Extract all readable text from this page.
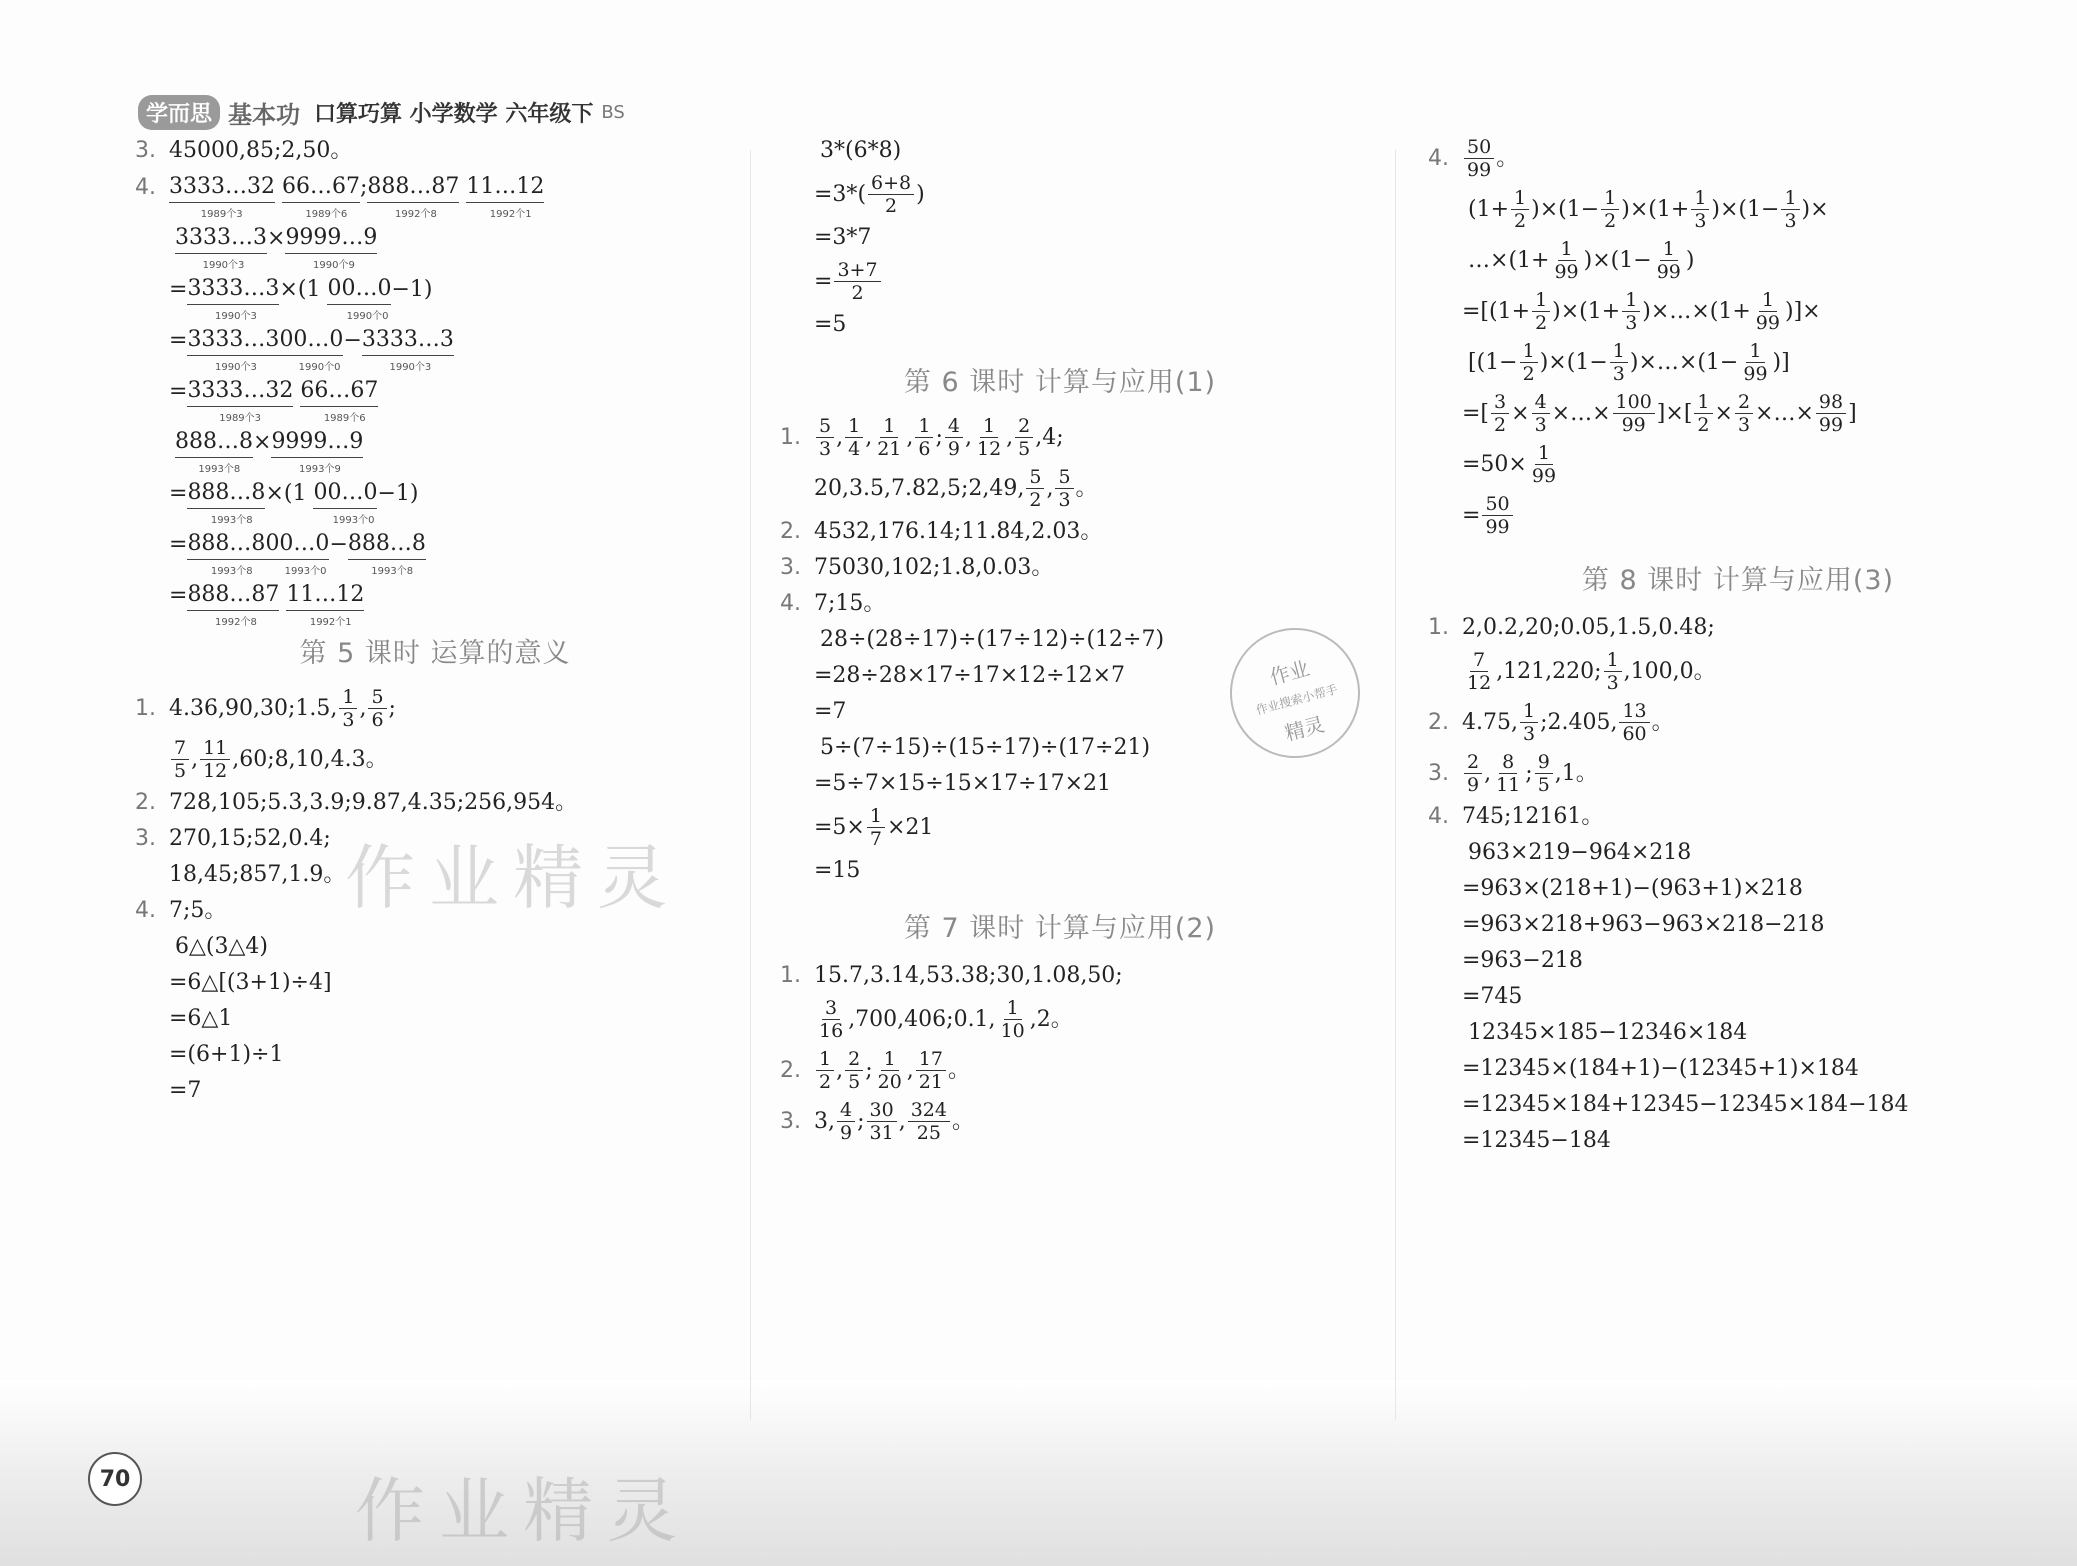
学而思 基本功 口算巧算 小学数学 六年级下 BS
3. 45000,85;2,50。
4. 3333…32
1989个3

66…67
1989个6
; 888…87
1992个8

11…12
1992个1
3333…3
1990个3
× 9999…9
1990个9
= 3333…3
1990个3
×(1
00…0
1990个0
−1)
= 3333…3
1990个3
00…0
1990个0
− 3333…3
1990个3
= 3333…32
1989个3

66…67
1989个6
888…8
1993个8
× 9999…9
1993个9
= 888…8
1993个8
×(1
00…0
1993个0
−1)
= 888…8
1993个8
00…0
1993个0
− 888…8
1993个8
= 888…87
1992个8

11…12
1992个1
第 5 课时 运算的意义
1. 4.36,90,30;1.5, $\frac{1}{3}$ , $\frac{5}{6}$ ;
$\frac{7}{5}$ , $\frac{11}{12}$ ,60;8,10,4.3。
2. 728,105;5.3,3.9;9.87,4.35;256,954。
3. 270,15;52,0.4;
18,45;857,1.9。
4. 7;5。
6△(3△4)
=6△[(3+1)÷4]
=6△1
=(6+1)÷1
=7
3*(6*8)
=3* ( $\frac{6+8}{2}$ )
=3*7
= $\frac{3+7}{2}$
=5
第 6 课时 计算与应用(1)
1. $\frac{5}{3}$ , $\frac{1}{4}$ , $\frac{1}{21}$ , $\frac{1}{6}$ ; $\frac{4}{9}$ , $\frac{1}{12}$ , $\frac{2}{5} ,4$;
20,3.5,7.82,5;2,49, $\frac{5}{2}$ , $\frac{5}{3}$ 。
2. 4532,176.14;11.84,2.03。
3. 75030,102;1.8,0.03。
4. 7;15。
28÷(28÷17)÷(17÷12)÷(12÷7)
=28÷28×17÷17×12÷12×7
=7
5÷(7÷15)÷(15÷17)÷(17÷21)
=5÷7×15÷15×17÷17×21
$=5\times \frac{1}{7} \times 21$
=15
第 7 课时 计算与应用(2)
1. 15.7,3.14,53.38;30,1.08,50;
$\frac{3}{16}$ ,700,406;0.1, $\frac{1}{10} ,2$。
2. $\frac{1}{2}$ , $\frac{2}{5}$ ; $\frac{1}{20}$ , $\frac{17}{21}$ 。
3. 3, $\frac{4}{9}$ ; $\frac{30}{31}$ , $\frac{324}{25}$ 。
4. $\frac{50}{99}$ 。
( $1+ \frac{1}{2}$ )×( $1- \frac{1}{2}$ )×( $1+ \frac{1}{3}$ )×( $1- \frac{1}{3}$ ) ×
…× ( $1+ \frac{1}{99}$ )×( $1- \frac{1}{99}$ )
=[ ( $1+ \frac{1}{2}$ )×( $1+ \frac{1}{3}$ )× …× ( $1+ \frac{1}{99}$ ) ]×
[ ( $1- \frac{1}{2}$ )×( $1- \frac{1}{3}$ )× …× ( $1- \frac{1}{99}$ ) ]
=[ $\frac{3}{2} \times \frac{4}{3}$ ×…× $\frac{100}{99}$ ]×[ $\frac{1}{2} \times \frac{2}{3}$ ×…× $\frac{98}{99}$ ]
$=50\times \frac{1}{99}$
= $\frac{50}{99}$
第 8 课时 计算与应用(3)
1. 2,0.2,20;0.05,1.5,0.48;
$\frac{7}{12} ,121,220$; $\frac{1}{3} ,100,0$。
2. 4.75, $\frac{1}{3}$ ;2.405, $\frac{13}{60}$ 。
3. $\frac{2}{9}$ , $\frac{8}{11}$ ; $\frac{9}{5} ,1$。
4. 745;12161。
963×219−964×218
=963×(218+1)−(963+1)×218
=963×218+963−963×218−218
=963−218
=745
12345×185−12346×184
=12345×(184+1)−(12345+1)×184
=12345×184+12345−12345×184−184
=12345−184
作业
作业搜索小帮手
精灵
作业精灵
作业精灵
70
